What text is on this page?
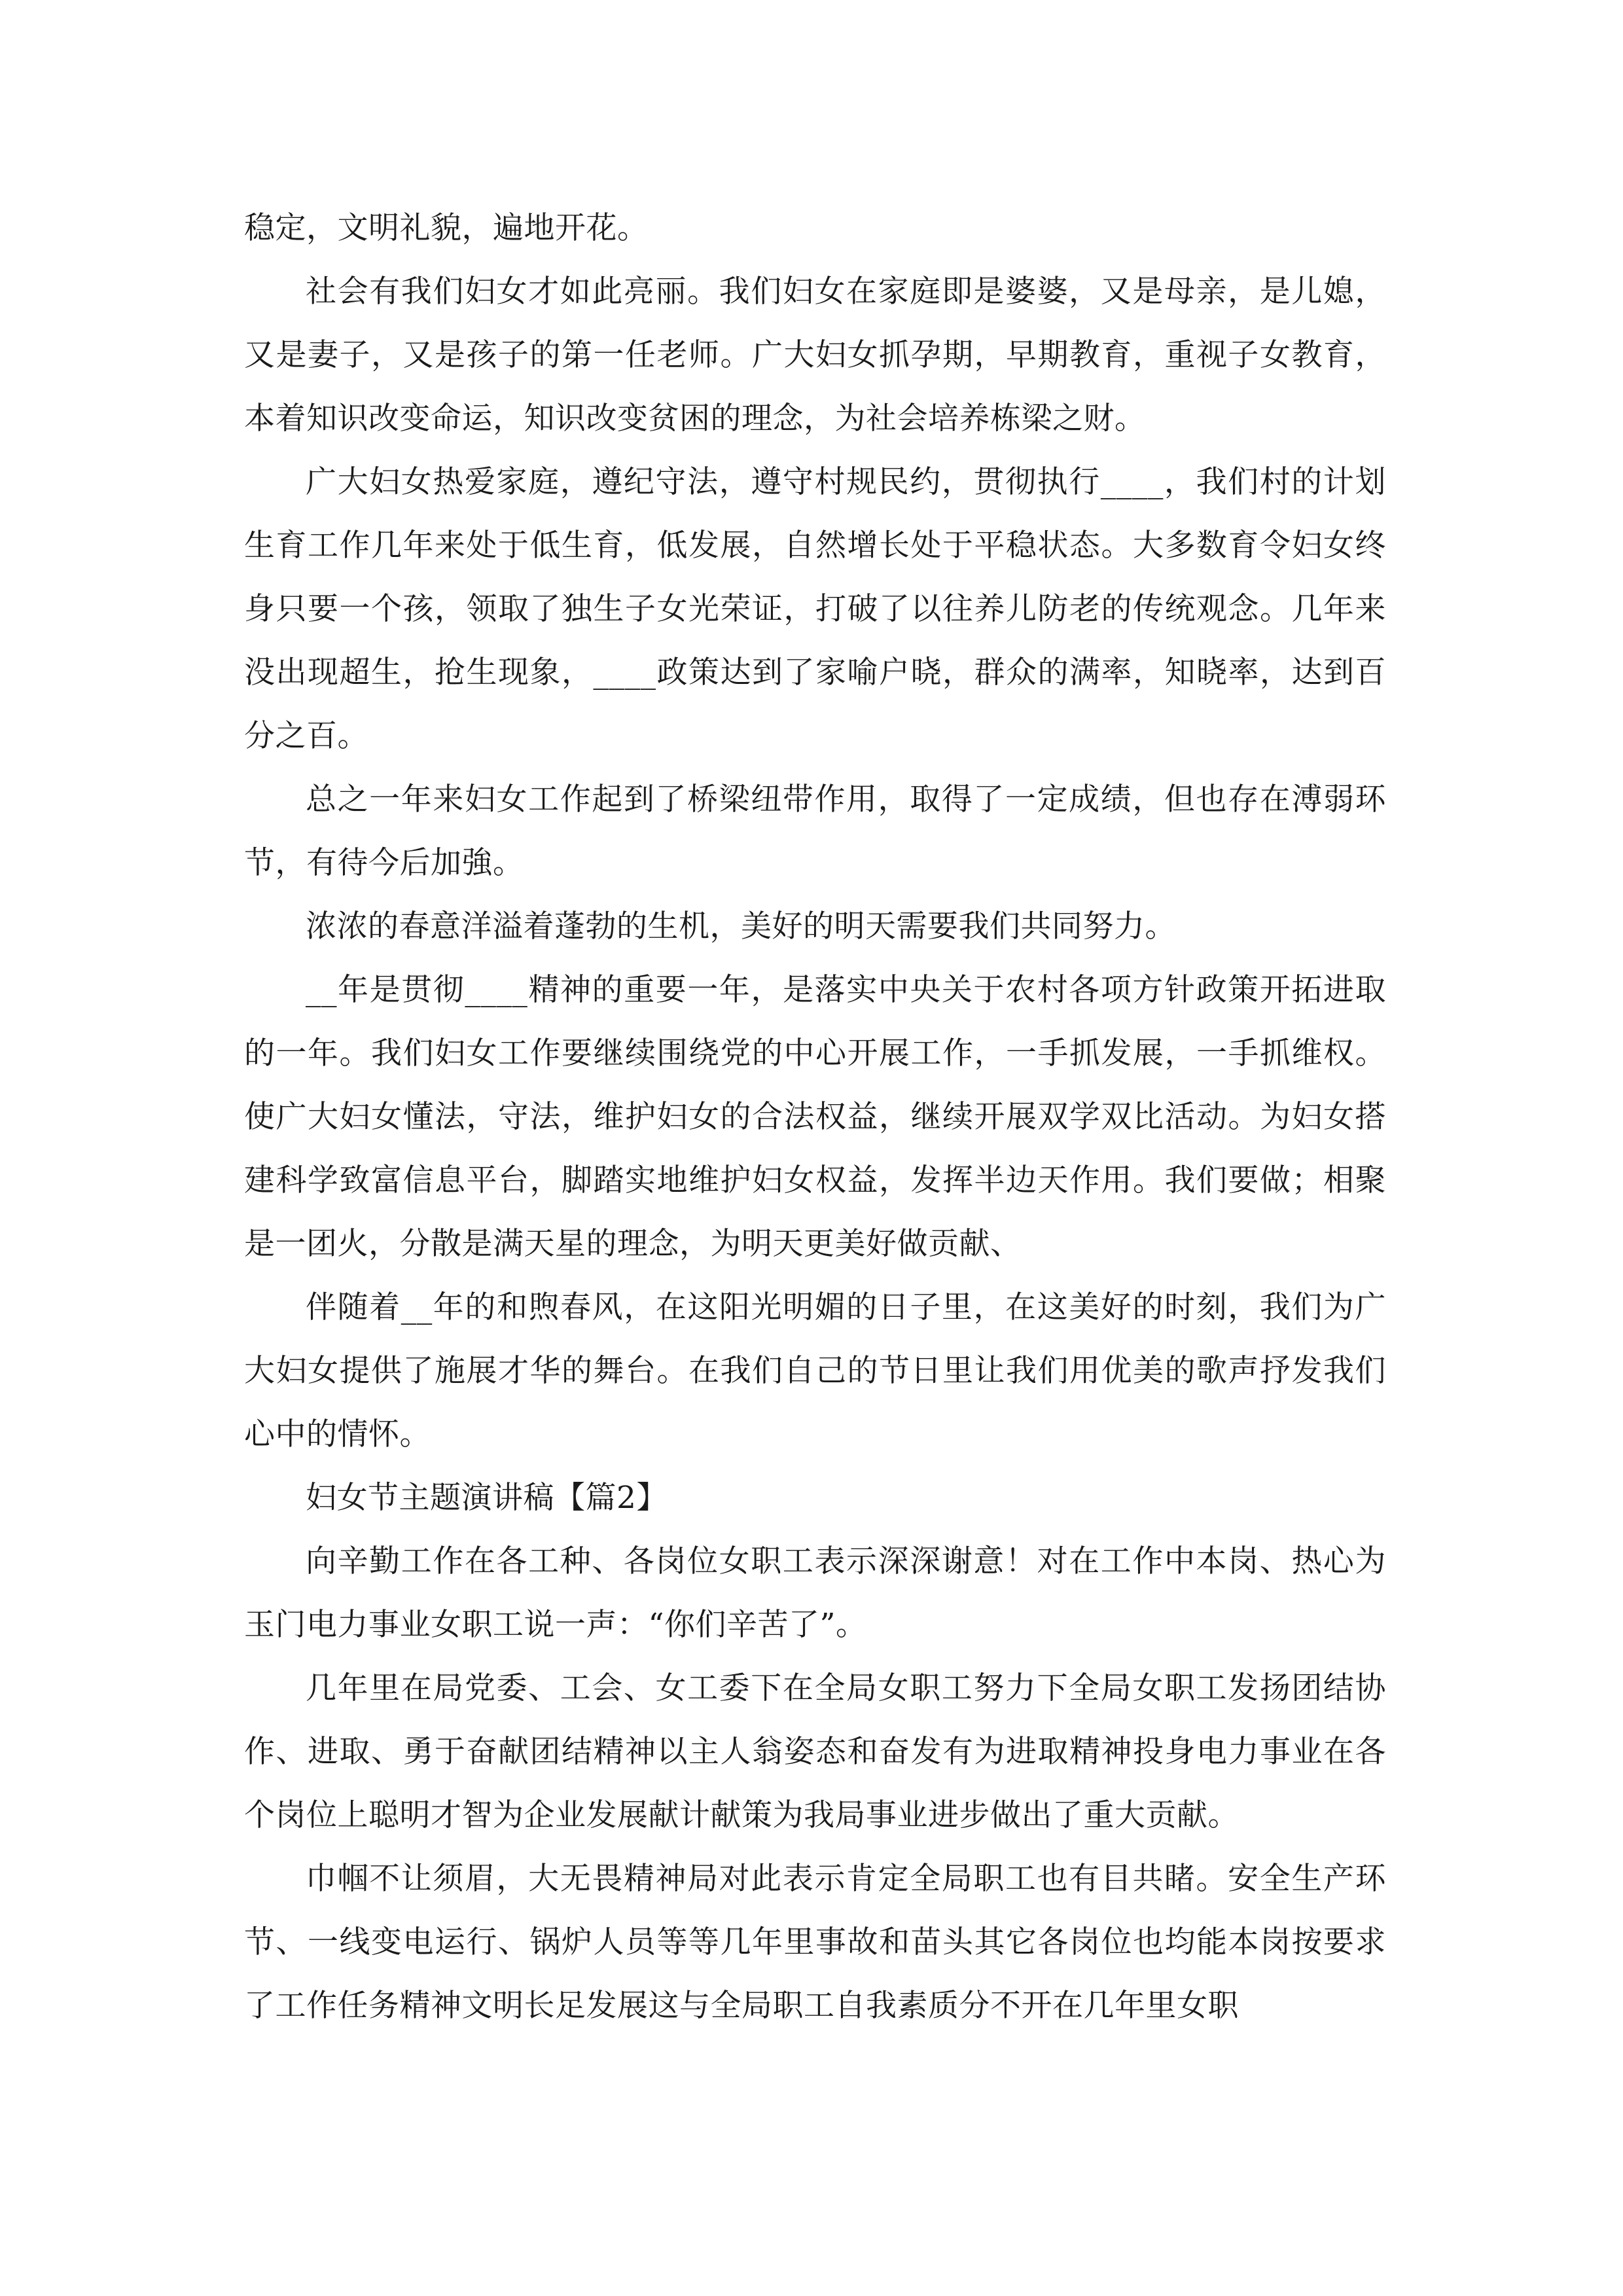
稳定，文明礼貌，遍地开花。

社会有我们妇女才如此亮丽。我们妇女在家庭即是婆婆，又是母亲，是儿媳，又是妻子，又是孩子的第一任老师。广大妇女抓孕期，早期教育，重视子女教育，本着知识改变命运，知识改变贫困的理念，为社会培养栋梁之财。

广大妇女热爱家庭，遵纪守法，遵守村规民约，贯彻执行____，我们村的计划生育工作几年来处于低生育，低发展，自然增长处于平稳状态。大多数育令妇女终身只要一个孩，领取了独生子女光荣证，打破了以往养儿防老的传统观念。几年来没出现超生，抢生现象，____政策达到了家喻户晓，群众的满率，知晓率，达到百分之百。

总之一年来妇女工作起到了桥梁纽带作用，取得了一定成绩，但也存在溥弱环节，有待今后加強。

浓浓的春意洋溢着蓬勃的生机，美好的明天需要我们共同努力。

__年是贯彻____精神的重要一年，是落实中央关于农村各项方针政策开拓进取的一年。我们妇女工作要继续围绕党的中心开展工作，一手抓发展，一手抓维权。使广大妇女懂法，守法，维护妇女的合法权益，继续开展双学双比活动。为妇女搭建科学致富信息平台，脚踏实地维护妇女权益，发挥半边天作用。我们要做；相聚是一团火，分散是满天星的理念，为明天更美好做贡献、

伴随着__年的和煦春风，在这阳光明媚的日子里，在这美好的时刻，我们为广大妇女提供了施展才华的舞台。在我们自己的节日里让我们用优美的歌声抒发我们心中的情怀。

妇女节主题演讲稿【篇2】

向辛勤工作在各工种、各岗位女职工表示深深谢意！对在工作中本岗、热心为玉门电力事业女职工说一声：“你们辛苦了”。

几年里在局党委、工会、女工委下在全局女职工努力下全局女职工发扬团结协作、进取、勇于奋献团结精神以主人翁姿态和奋发有为进取精神投身电力事业在各个岗位上聪明才智为企业发展献计献策为我局事业进步做出了重大贡献。

巾帼不让须眉，大无畏精神局对此表示肯定全局职工也有目共睹。安全生产环节、一线变电运行、锅炉人员等等几年里事故和苗头其它各岗位也均能本岗按要求了工作任务精神文明长足发展这与全局职工自我素质分不开在几年里女职
